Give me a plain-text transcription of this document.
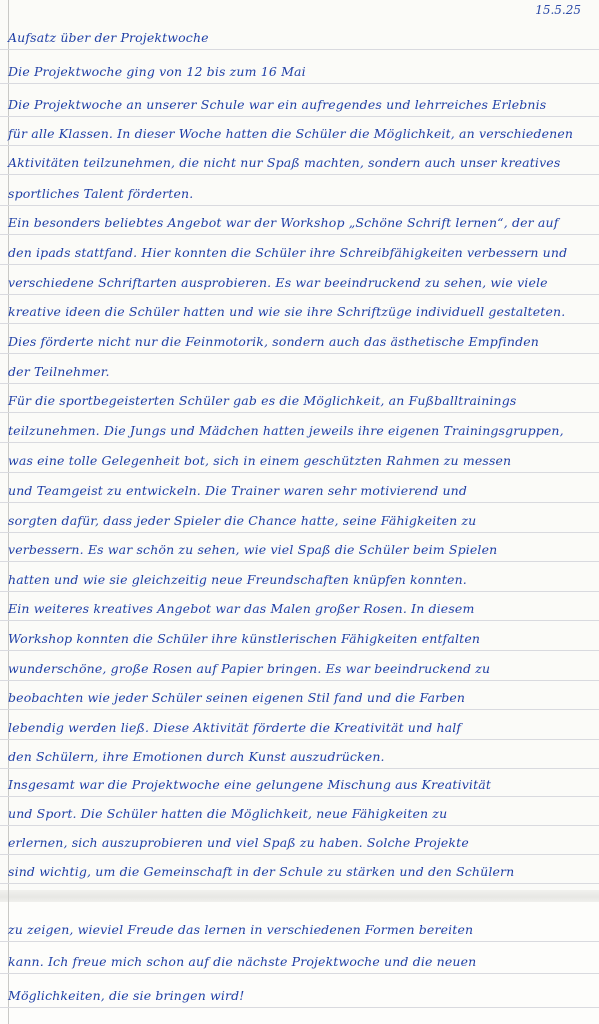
15.5.25
Aufsatz über der Projektwoche
Die Projektwoche ging von 12 bis zum 16 Mai
Die Projektwoche an unserer Schule war ein aufregendes und lehrreiches Erlebnis
für alle Klassen. In dieser Woche hatten die Schüler die Möglichkeit, an verschiedenen
Aktivitäten teilzunehmen, die nicht nur Spaß machten, sondern auch unser kreatives
sportliches Talent förderten.
Ein besonders beliebtes Angebot war der Workshop „Schöne Schrift lernen“, der auf
den ipads stattfand. Hier konnten die Schüler ihre Schreibfähigkeiten verbessern und
verschiedene Schriftarten ausprobieren. Es war beeindruckend zu sehen, wie viele
kreative ideen die Schüler hatten und wie sie ihre Schriftzüge individuell gestalteten.
Dies förderte nicht nur die Feinmotorik, sondern auch das ästhetische Empfinden
der Teilnehmer.
Für die sportbegeisterten Schüler gab es die Möglichkeit, an Fußballtrainings
teilzunehmen. Die Jungs und Mädchen hatten jeweils ihre eigenen Trainingsgruppen,
was eine tolle Gelegenheit bot, sich in einem geschützten Rahmen zu messen
und Teamgeist zu entwickeln. Die Trainer waren sehr motivierend und
sorgten dafür, dass jeder Spieler die Chance hatte, seine Fähigkeiten zu
verbessern. Es war schön zu sehen, wie viel Spaß die Schüler beim Spielen
hatten und wie sie gleichzeitig neue Freundschaften knüpfen konnten.
Ein weiteres kreatives Angebot war das Malen großer Rosen. In diesem
Workshop konnten die Schüler ihre künstlerischen Fähigkeiten entfalten
wunderschöne, große Rosen auf Papier bringen. Es war beeindruckend zu
beobachten wie jeder Schüler seinen eigenen Stil fand und die Farben
lebendig werden ließ. Diese Aktivität förderte die Kreativität und half
den Schülern, ihre Emotionen durch Kunst auszudrücken.
Insgesamt war die Projektwoche eine gelungene Mischung aus Kreativität
und Sport. Die Schüler hatten die Möglichkeit, neue Fähigkeiten zu
erlernen, sich auszuprobieren und viel Spaß zu haben. Solche Projekte
sind wichtig, um die Gemeinschaft in der Schule zu stärken und den Schülern
zu zeigen, wieviel Freude das lernen in verschiedenen Formen bereiten
kann. Ich freue mich schon auf die nächste Projektwoche und die neuen
Möglichkeiten, die sie bringen wird!
